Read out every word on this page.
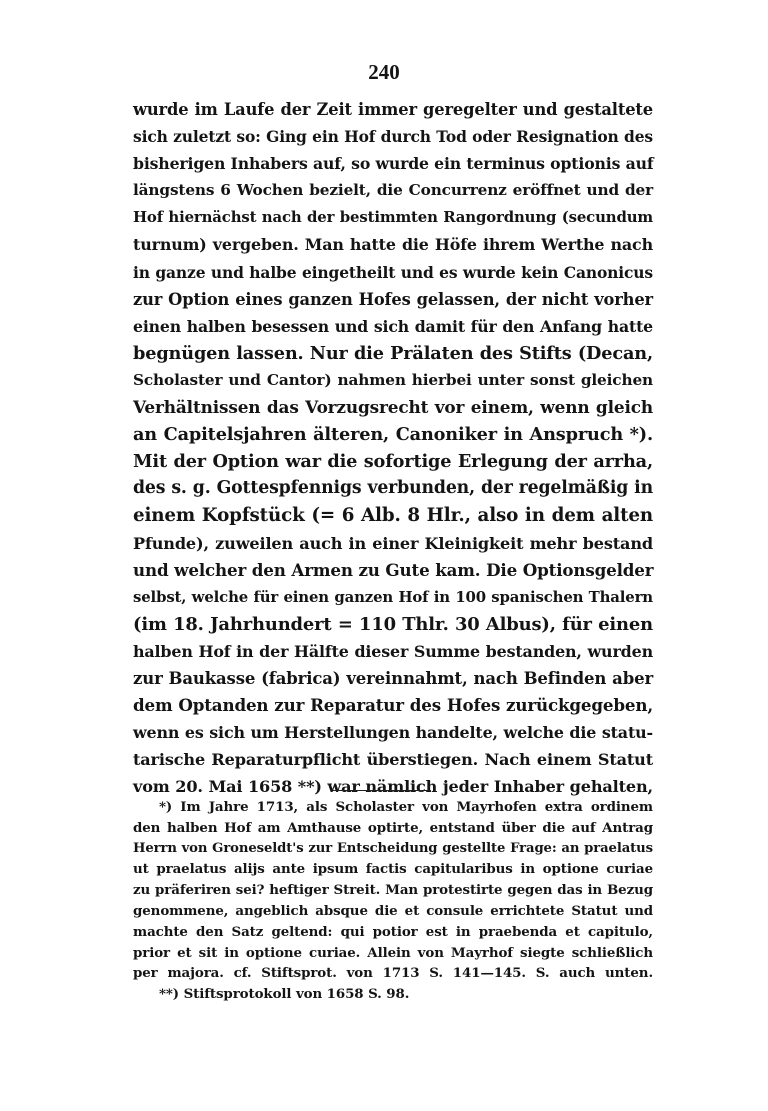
240
wurde im Laufe der Zeit immer geregelter und gestaltete
sich zuletzt so: Ging ein Hof durch Tod oder Resignation des
bisherigen Inhabers auf, so wurde ein terminus optionis auf
längstens 6 Wochen bezielt, die Concurrenz eröffnet und der
Hof hiernächst nach der bestimmten Rangordnung (secundum
turnum) vergeben. Man hatte die Höfe ihrem Werthe nach
in ganze und halbe eingetheilt und es wurde kein Canonicus
zur Option eines ganzen Hofes gelassen, der nicht vorher
einen halben besessen und sich damit für den Anfang hatte
begnügen lassen. Nur die Prälaten des Stifts (Decan,
Scholaster und Cantor) nahmen hierbei unter sonst gleichen
Verhältnissen das Vorzugsrecht vor einem, wenn gleich
an Capitelsjahren älteren, Canoniker in Anspruch *).
Mit der Option war die sofortige Erlegung der arrha,
des s. g. Gottespfennigs verbunden, der regelmäßig in
einem Kopfstück (= 6 Alb. 8 Hlr., also in dem alten
Pfunde), zuweilen auch in einer Kleinigkeit mehr bestand
und welcher den Armen zu Gute kam. Die Optionsgelder
selbst, welche für einen ganzen Hof in 100 spanischen Thalern
(im 18. Jahrhundert = 110 Thlr. 30 Albus), für einen
halben Hof in der Hälfte dieser Summe bestanden, wurden
zur Baukasse (fabrica) vereinnahmt, nach Befinden aber
dem Optanden zur Reparatur des Hofes zurückgegeben,
wenn es sich um Herstellungen handelte, welche die statu-
tarische Reparaturpflicht überstiegen. Nach einem Statut
vom 20. Mai 1658 **) war nämlich jeder Inhaber gehalten,
*) Im Jahre 1713, als Scholaster von Mayrhofen extra ordinem
den halben Hof am Amthause optirte, entstand über die auf Antrag
Herrn von Groneseldt's zur Entscheidung gestellte Frage: an praelatus
ut praelatus alijs ante ipsum factis capitularibus in optione curiae
zu präferiren sei? heftiger Streit. Man protestirte gegen das in Bezug
genommene, angeblich absque die et consule errichtete Statut und
machte den Satz geltend: qui potior est in praebenda et capitulo,
prior et sit in optione curiae. Allein von Mayrhof siegte schließlich
per majora. cf. Stiftsprot. von 1713 S. 141—145. S. auch unten.
**) Stiftsprotokoll von 1658 S. 98.
